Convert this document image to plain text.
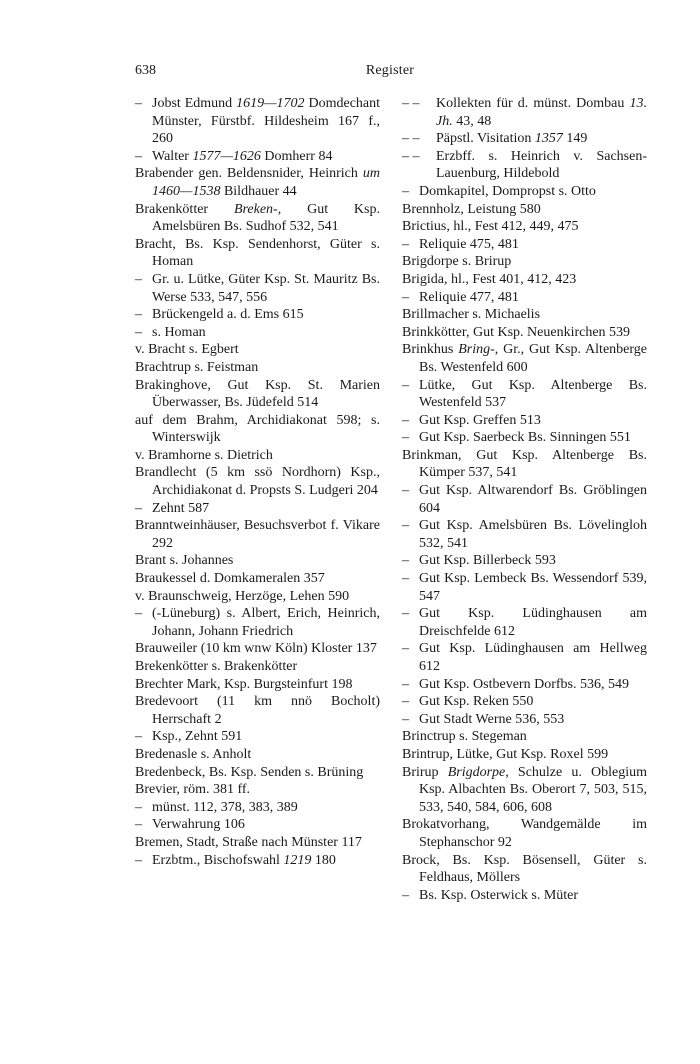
638	Register

– Jobst Edmund 1619—1702 Domdechant Münster, Fürstbf. Hildesheim 167 f., 260

– Walter 1577—1626 Domherr 84

Brabender gen. Beldensnider, Heinrich um 1460—1538 Bildhauer 44

Brakenkötter Breken-, Gut Ksp. Amelsbüren Bs. Sudhof 532, 541

Bracht, Bs. Ksp. Sendenhorst, Güter s. Homan

– Gr. u. Lütke, Güter Ksp. St. Mauritz Bs. Werse 533, 547, 556

– Brückengeld a. d. Ems 615

– s. Homan

v. Bracht s. Egbert

Brachtrup s. Feistman

Brakinghove, Gut Ksp. St. Marien Überwasser, Bs. Jüdefeld 514

auf dem Brahm, Archidiakonat 598; s. Winterswijk

v. Bramhorne s. Dietrich

Brandlecht (5 km ssö Nordhorn) Ksp., Archidiakonat d. Propsts S. Ludgeri 204

– Zehnt 587

Branntweinhäuser, Besuchsverbot f. Vikare 292

Brant s. Johannes

Braukessel d. Domkameralen 357

v. Braunschweig, Herzöge, Lehen 590

– (-Lüneburg) s. Albert, Erich, Heinrich, Johann, Johann Friedrich

Brauweiler (10 km wnw Köln) Kloster 137

Brekenkötter s. Brakenkötter

Brechter Mark, Ksp. Burgsteinfurt 198

Bredevoort (11 km nnö Bocholt) Herrschaft 2

– Ksp., Zehnt 591

Bredenasle s. Anholt

Bredenbeck, Bs. Ksp. Senden s. Brüning

Brevier, röm. 381 ff.

– münst. 112, 378, 383, 389

– Verwahrung 106

Bremen, Stadt, Straße nach Münster 117

– Erzbtm., Bischofswahl 1219 180

– – Kollekten für d. münst. Dombau 13. Jh. 43, 48

– – Päpstl. Visitation 1357 149

– – Erzbff. s. Heinrich v. Sachsen-Lauenburg, Hildebold

– Domkapitel, Dompropst s. Otto

Brennholz, Leistung 580

Brictius, hl., Fest 412, 449, 475

– Reliquie 475, 481

Brigdorpe s. Brirup

Brigida, hl., Fest 401, 412, 423

– Reliquie 477, 481

Brillmacher s. Michaelis

Brinkkötter, Gut Ksp. Neuenkirchen 539

Brinkhus Bring-, Gr., Gut Ksp. Altenberge Bs. Westenfeld 600

– Lütke, Gut Ksp. Altenberge Bs. Westenfeld 537

– Gut Ksp. Greffen 513

– Gut Ksp. Saerbeck Bs. Sinningen 551

Brinkman, Gut Ksp. Altenberge Bs. Kümper 537, 541

– Gut Ksp. Altwarendorf Bs. Gröblingen 604

– Gut Ksp. Amelsbüren Bs. Lövelingloh 532, 541

– Gut Ksp. Billerbeck 593

– Gut Ksp. Lembeck Bs. Wessendorf 539, 547

– Gut Ksp. Lüdinghausen am Dreischfelde 612

– Gut Ksp. Lüdinghausen am Hellweg 612

– Gut Ksp. Ostbevern Dorfbs. 536, 549

– Gut Ksp. Reken 550

– Gut Stadt Werne 536, 553

Brinctrup s. Stegeman

Brintrup, Lütke, Gut Ksp. Roxel 599

Brirup Brigdorpe, Schulze u. Oblegium Ksp. Albachten Bs. Oberort 7, 503, 515, 533, 540, 584, 606, 608

Brokatvorhang, Wandgemälde im Stephanschor 92

Brock, Bs. Ksp. Bösensell, Güter s. Feldhaus, Möllers

– Bs. Ksp. Osterwick s. Müter
